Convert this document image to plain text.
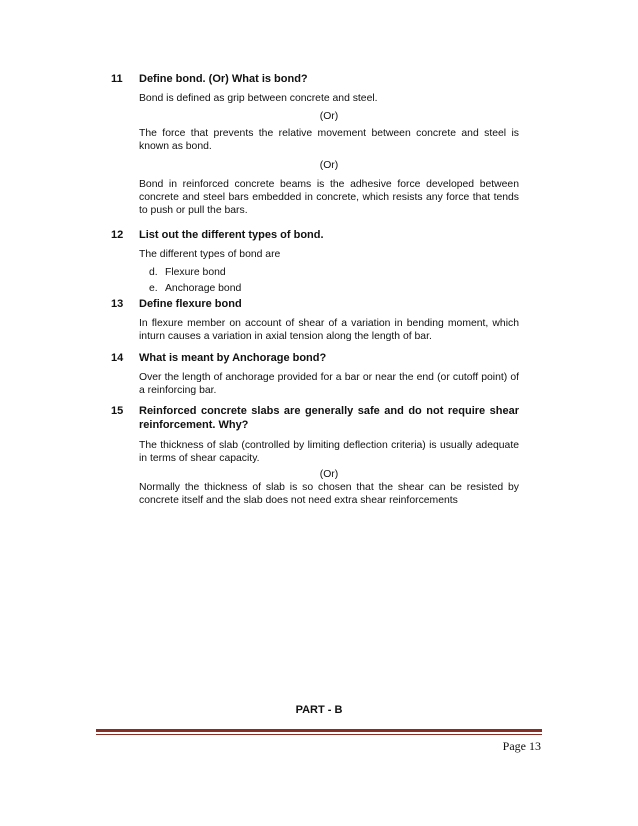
11	Define bond. (Or) What is bond?
Bond is defined as grip between concrete and steel.
(Or)
The force that prevents the relative movement between concrete and steel is known as bond.
(Or)
Bond in reinforced concrete beams is the adhesive force developed between concrete and steel bars embedded in concrete, which resists any force that tends to push or pull the bars.
12	List out the different types of bond.
The different types of bond are
d. Flexure bond
e. Anchorage bond
13	Define flexure bond
In flexure member on account of shear of a variation in bending moment, which inturn causes a variation in axial tension along the length of bar.
14	What is meant by Anchorage bond?
Over the length of anchorage provided for a bar or near the end (or cutoff point) of a reinforcing bar.
15	Reinforced concrete slabs are generally safe and do not require shear reinforcement. Why?
The thickness of slab (controlled by limiting deflection criteria) is usually adequate in terms of shear capacity.
(Or)
Normally the thickness of slab is so chosen that the shear can be resisted by concrete itself and the slab does not need extra shear reinforcements
PART - B
Page 13
